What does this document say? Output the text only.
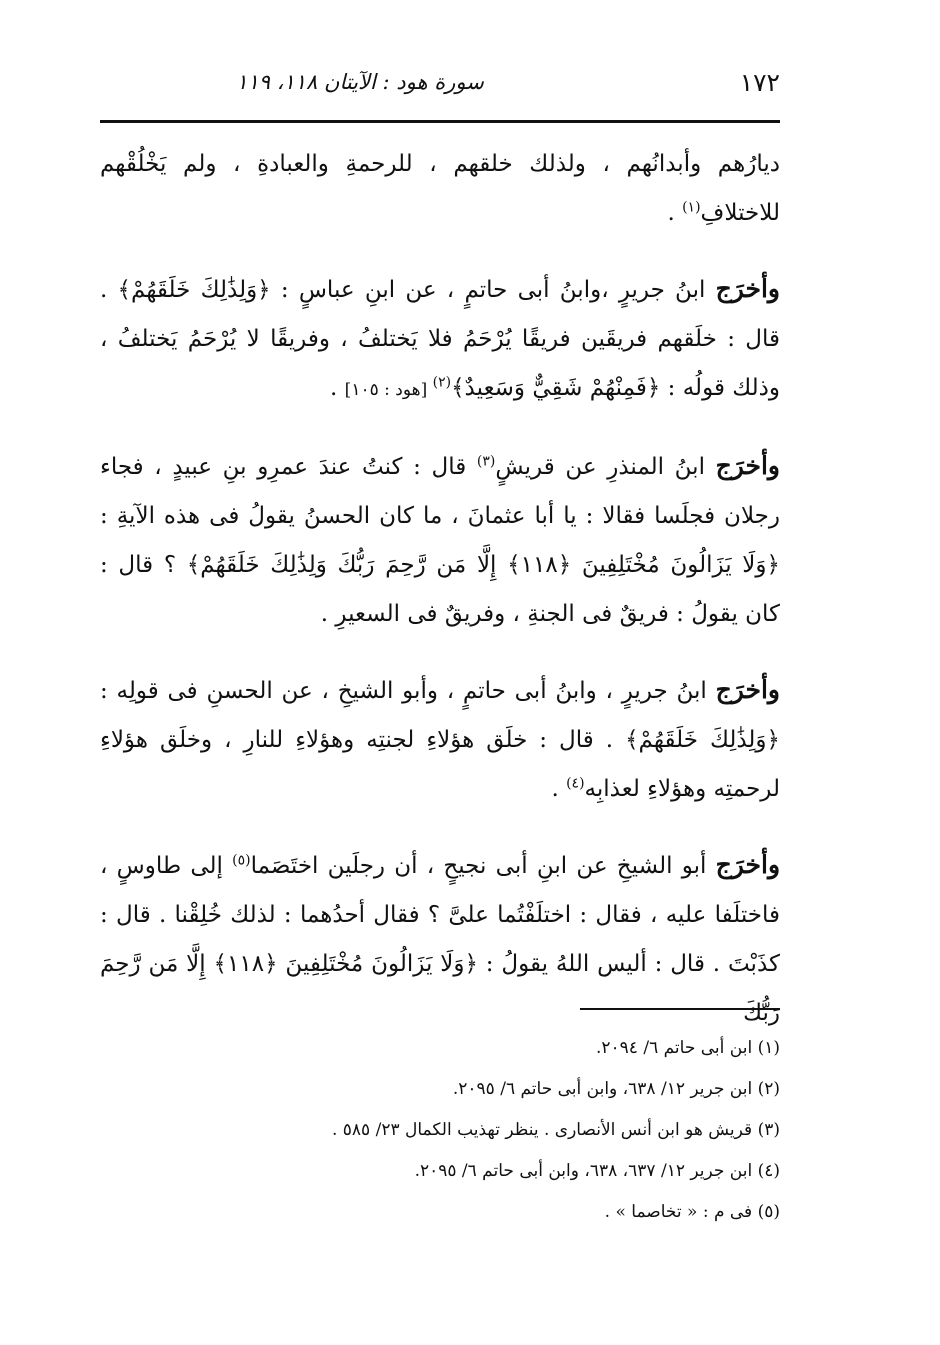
١٧٢
سورة هود : الآيتان ١١٨، ١١٩

ديارُهم وأبدانُهم ، ولذلك خلقهم ، للرحمةِ والعبادةِ ، ولم يَخْلُقْهم للاختلافِ$^{(١)}$ .

وأخرَج ابنُ جريرٍ ،وابنُ أبى حاتمٍ ، عن ابنِ عباسٍ : ﴿وَلِذَٰلِكَ خَلَقَهُمْ﴾ . قال : خلَقهم فريقَين فريقًا يُرْحَمُ فلا يَختلفُ ، وفريقًا لا يُرْحَمُ يَختلفُ ، وذلك قولُه : ﴿فَمِنْهُمْ شَقِيٌّ وَسَعِيدٌ﴾$^{(٢)}$ [هود : ١٠٥] .

وأخرَج ابنُ المنذرِ عن قريشٍ$^{(٣)}$ قال : كنتُ عندَ عمرِو بنِ عبيدٍ ، فجاء رجلان فجلَسا فقالا : يا أبا عثمانَ ، ما كان الحسنُ يقولُ فى هذه الآيةِ : ﴿وَلَا يَزَالُونَ مُخْتَلِفِينَ ﴿١١٨﴾ إِلَّا مَن رَّحِمَ رَبُّكَ وَلِذَٰلِكَ خَلَقَهُمْ﴾ ؟ قال : كان يقولُ : فريقٌ فى الجنةِ ، وفريقٌ فى السعيرِ .

وأخرَج ابنُ جريرٍ ، وابنُ أبى حاتمٍ ، وأبو الشيخِ ، عن الحسنِ فى قولِه : ﴿وَلِذَٰلِكَ خَلَقَهُمْ﴾ . قال : خلَق هؤلاءِ لجنتِه وهؤلاءِ للنارِ ، وخلَق هؤلاءِ لرحمتِه وهؤلاءِ لعذابِه$^{(٤)}$ .

وأخرَج أبو الشيخِ عن ابنِ أبى نجيحٍ ، أن رجلَين اختَصَما$^{(٥)}$ إلى طاوسٍ ، فاختلَفا عليه ، فقال : اختلَفْتُما علىَّ ؟ فقال أحدُهما : لذلك خُلِقْنا . قال : كذَبْتَ . قال : أليس اللهُ يقولُ : ﴿وَلَا يَزَالُونَ مُخْتَلِفِينَ ﴿١١٨﴾ إِلَّا مَن رَّحِمَ رَبُّكَ

(١) ابن أبى حاتم ٦/ ٢٠٩٤.
(٢) ابن جرير ١٢/ ٦٣٨، وابن أبى حاتم ٦/ ٢٠٩٥.
(٣) قريش هو ابن أنس الأنصارى . ينظر تهذيب الكمال ٢٣/ ٥٨٥ .
(٤) ابن جرير ١٢/ ٦٣٧، ٦٣٨، وابن أبى حاتم ٦/ ٢٠٩٥.
(٥) فى م : « تخاصما » .
